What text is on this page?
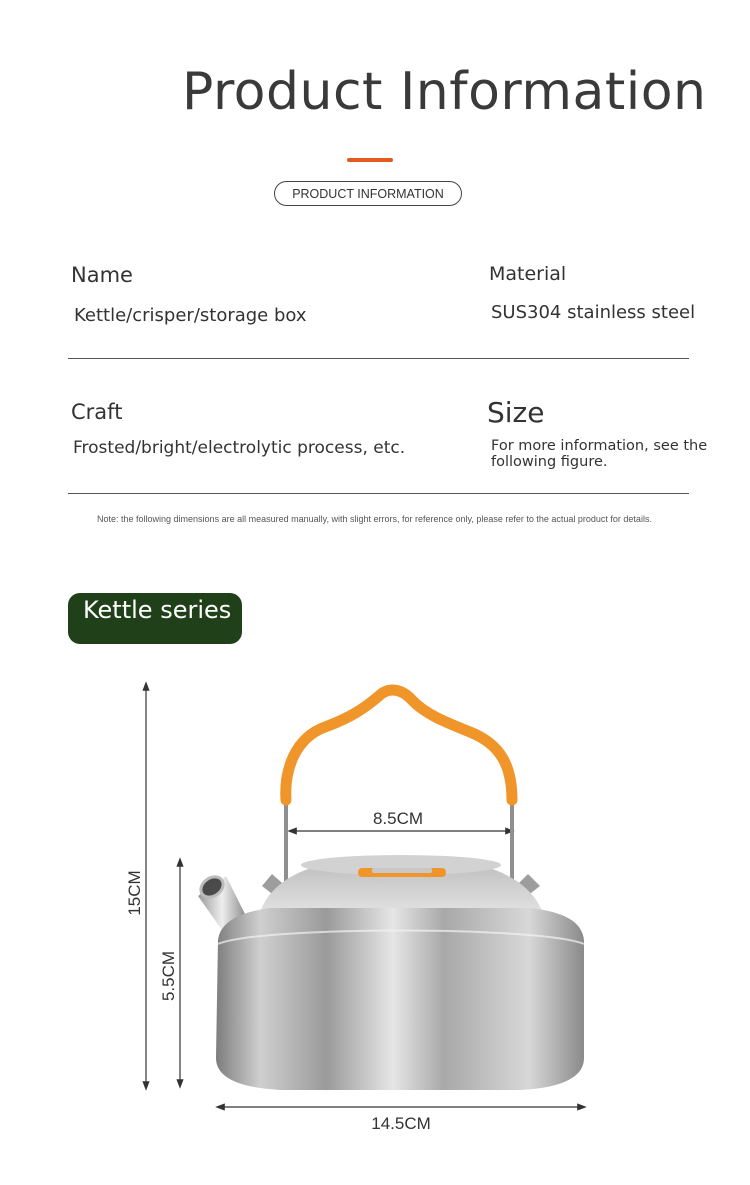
Product Information
PRODUCT INFORMATION
Name
Kettle/crisper/storage box
Material
SUS304 stainless steel
Craft
Frosted/bright/electrolytic process, etc.
Size
For more information, see the following figure.
Note: the following dimensions are all measured manually, with slight errors, for reference only, please refer to the actual product for details.
Kettle series
15CM
5.5CM
8.5CM
14.5CM
